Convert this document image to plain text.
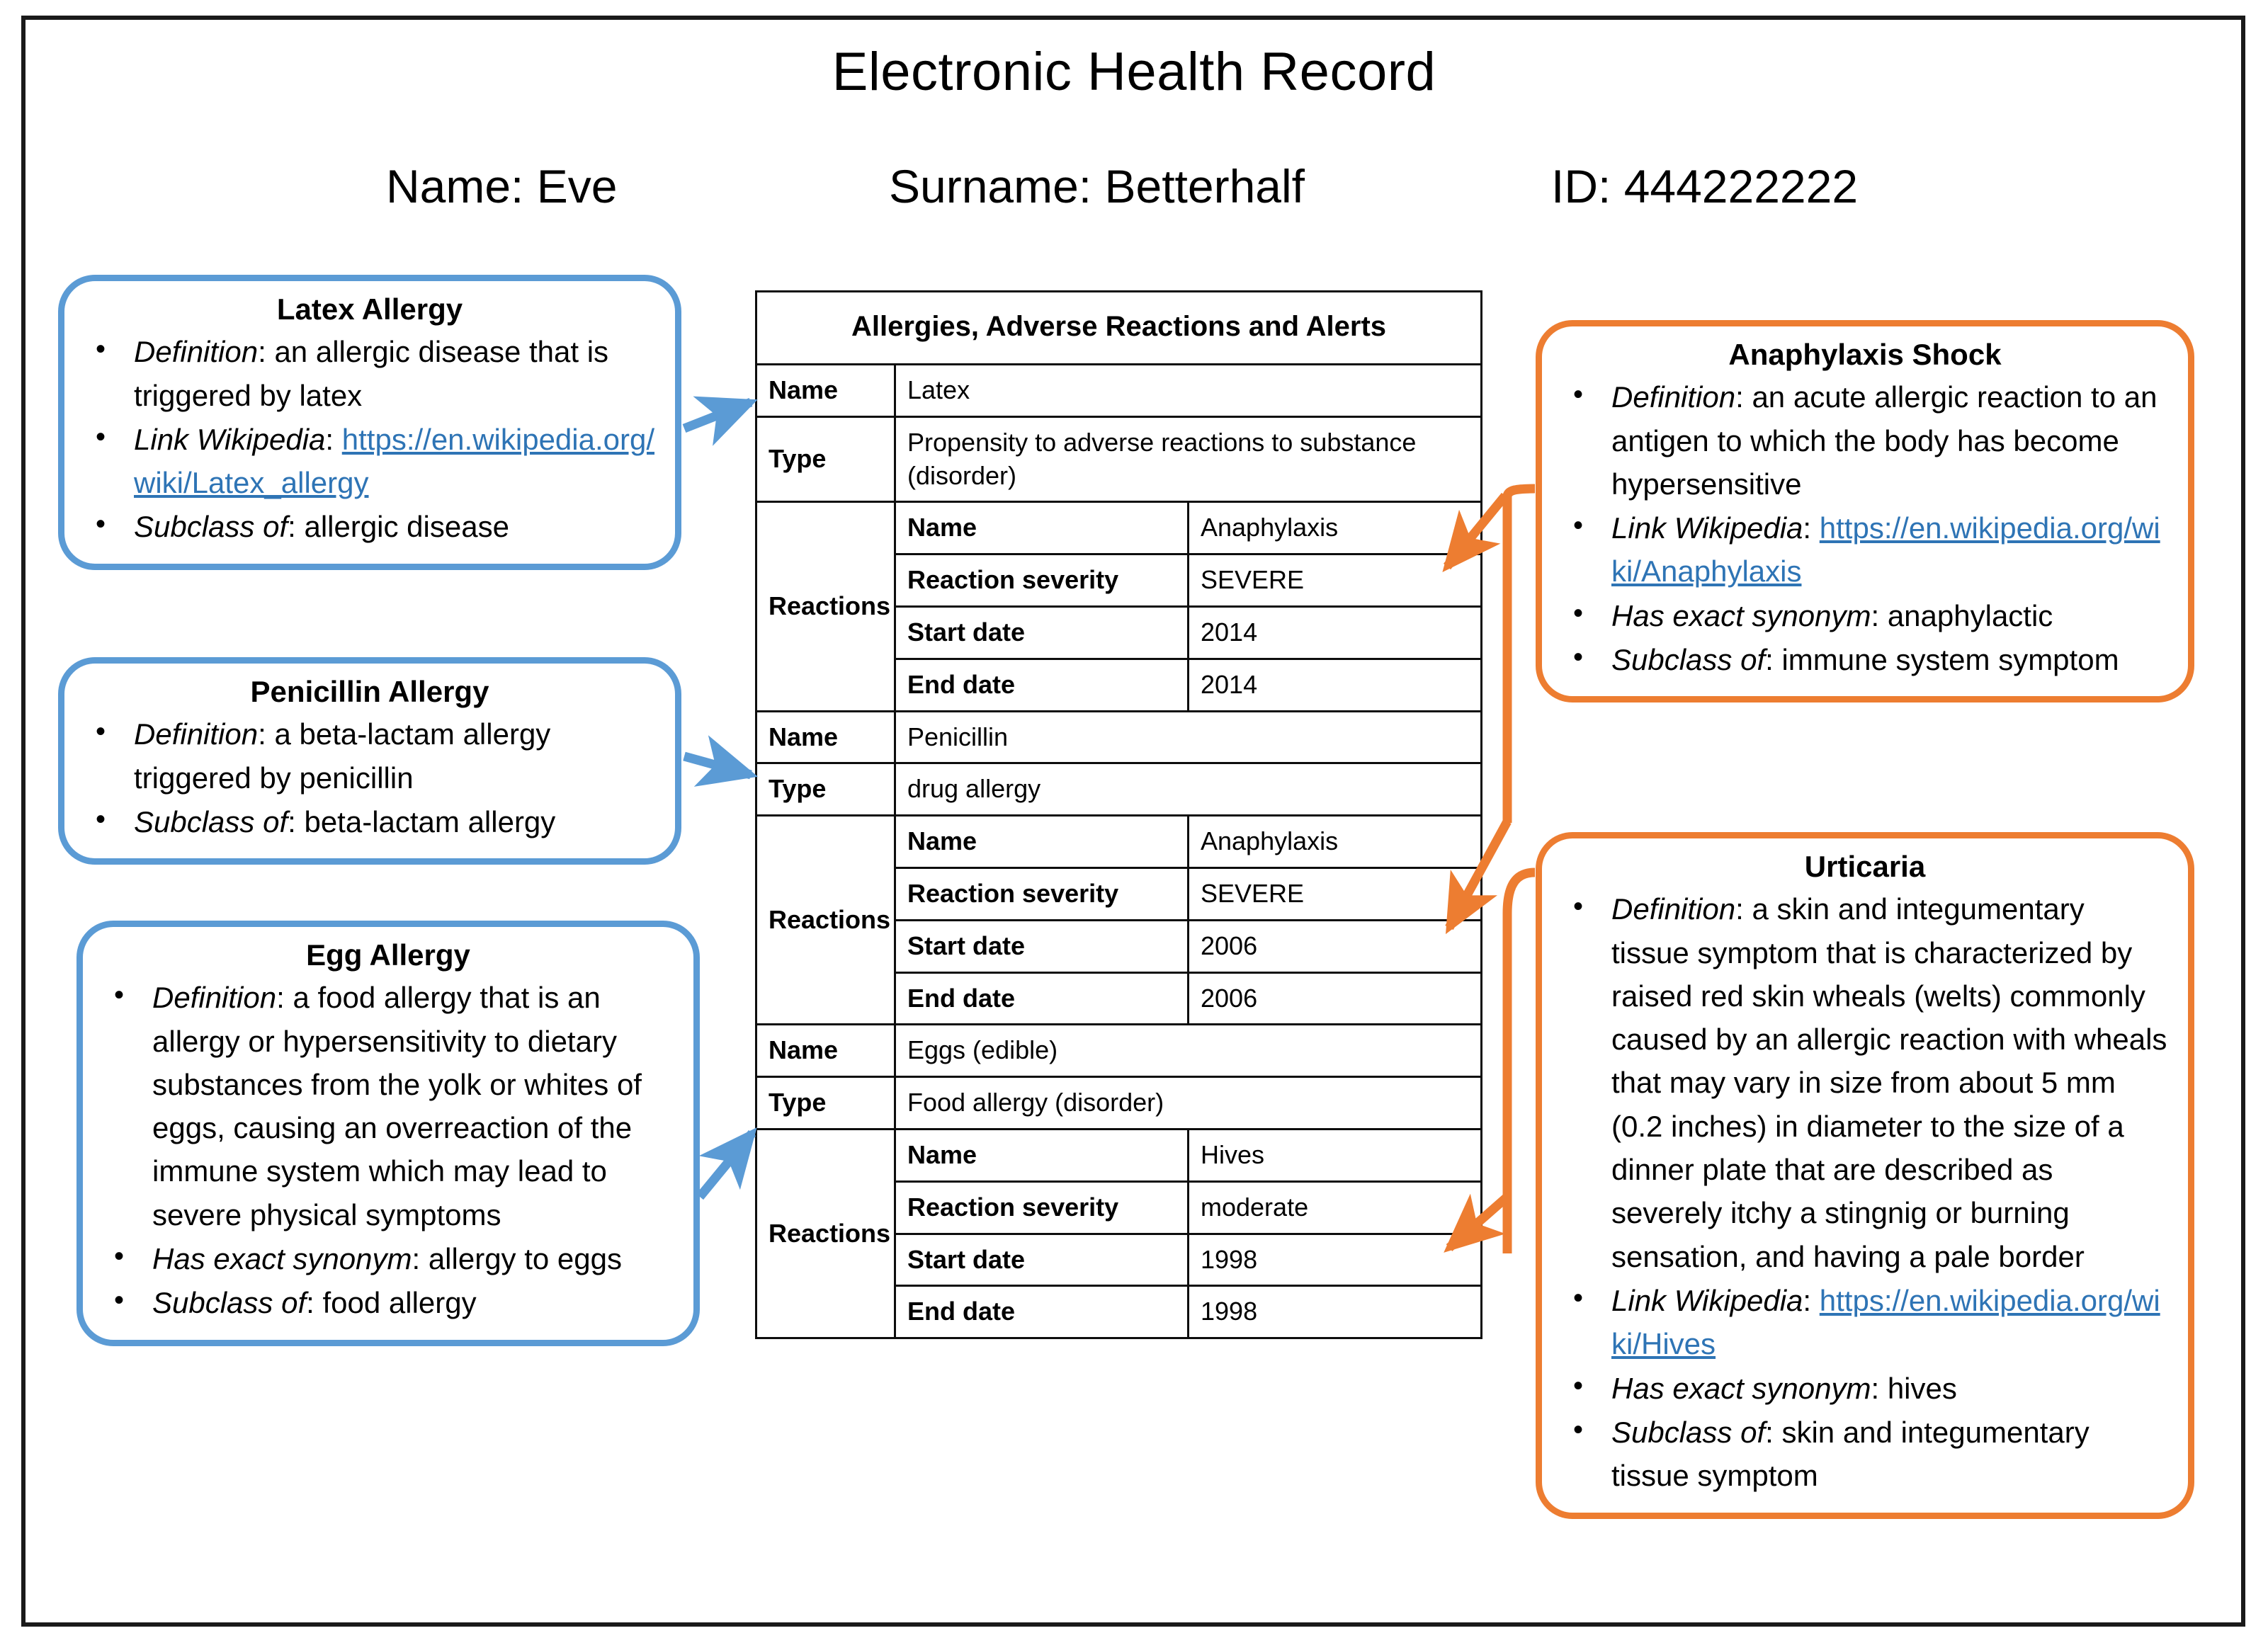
Electronic Health Record
Name: Eve	Surname: Betterhalf	ID: 444222222
Latex Allergy
• Definition: an allergic disease that is triggered by latex
• Link Wikipedia: https://en.wikipedia.org/wiki/Latex_allergy
• Subclass of: allergic disease
Penicillin Allergy
• Definition: a beta-lactam allergy triggered by penicillin
• Subclass of: beta-lactam allergy
Egg Allergy
• Definition: a food allergy that is an allergy or hypersensitivity to dietary substances from the yolk or whites of eggs, causing an overreaction of the immune system which may lead to severe physical symptoms
• Has exact synonym: allergy to eggs
• Subclass of: food allergy
Anaphylaxis Shock
• Definition: an acute allergic reaction to an antigen to which the body has become hypersensitive
• Link Wikipedia: https://en.wikipedia.org/wiki/Anaphylaxis
• Has exact synonym: anaphylactic
• Subclass of: immune system symptom
Urticaria
• Definition: a skin and integumentary tissue symptom that is characterized by raised red skin wheals (welts) commonly caused by an allergic reaction with wheals that may vary in size from about 5 mm (0.2 inches) in diameter to the size of a dinner plate that are described as severely itchy a stingnig or burning sensation, and having a pale border
• Link Wikipedia: https://en.wikipedia.org/wiki/Hives
• Has exact synonym: hives
• Subclass of: skin and integumentary tissue symptom
Allergies, Adverse Reactions and Alerts		
Name	Latex	
Type	Propensity to adverse reactions to substance (disorder)	
Reactions	Name	Anaphylaxis
	Reaction severity	SEVERE
	Start date	2014
	End date	2014
Name	Penicillin	
Type	drug allergy	
Reactions	Name	Anaphylaxis
	Reaction severity	SEVERE
	Start date	2006
	End date	2006
Name	Eggs (edible)	
Type	Food allergy (disorder)	
Reactions	Name	Hives
	Reaction severity	moderate
	Start date	1998
	End date	1998
